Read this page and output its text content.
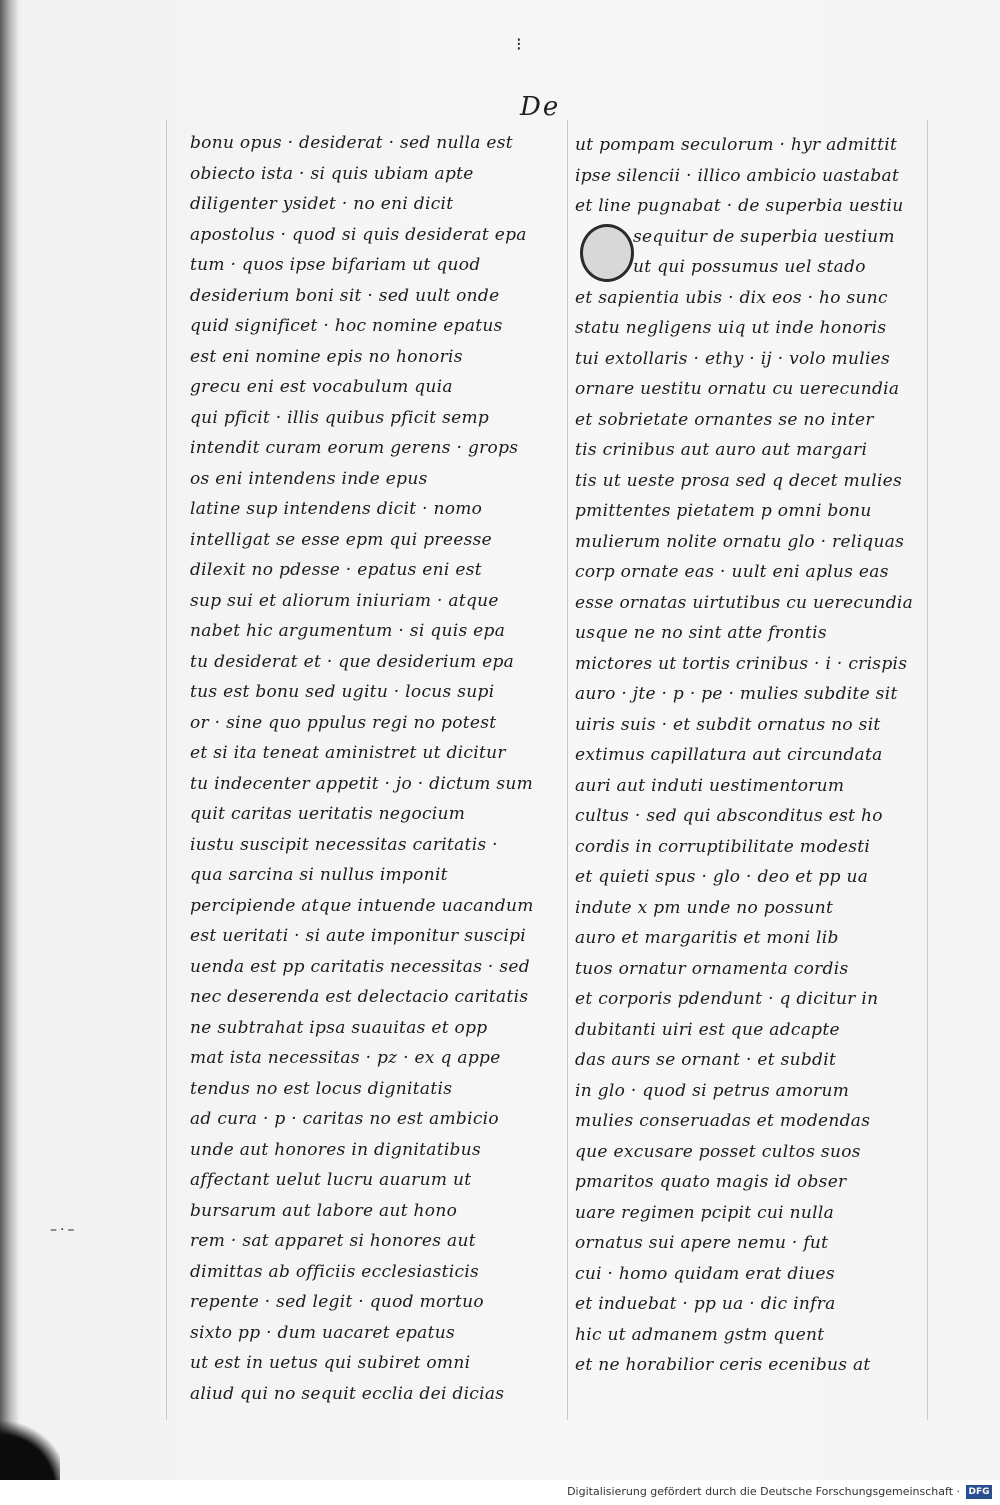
⁝
De
bonu opus · desiderat · sed nulla est
obiecto ista · si quis ubiam apte
diligenter ysidet · no eni dicit
apostolus · quod si quis desiderat epa
tum · quos ipse bifariam ut quod
desiderium boni sit · sed uult onde
quid significet · hoc nomine epatus
est eni nomine epis no honoris
grecu eni est vocabulum quia
qui pficit · illis quibus pficit semp
intendit curam eorum gerens · grops
os eni intendens inde epus
latine sup intendens dicit · nomo
intelligat se esse epm qui preesse
dilexit no pdesse · epatus eni est
sup sui et aliorum iniuriam · atque
nabet hic argumentum · si quis epa
tu desiderat et · que desiderium epa
tus est bonu sed ugitu · locus supi
or · sine quo ppulus regi no potest
et si ita teneat aministret ut dicitur
tu indecenter appetit · jo · dictum sum
quit caritas ueritatis negocium
iustu suscipit necessitas caritatis ·
qua sarcina si nullus imponit
percipiende atque intuende uacandum
est ueritati · si aute imponitur suscipi
uenda est pp caritatis necessitas · sed
nec deserenda est delectacio caritatis
ne subtrahat ipsa suauitas et opp
mat ista necessitas · pz · ex q appe
tendus no est locus dignitatis
ad cura · p · caritas no est ambicio
unde aut honores in dignitatibus
affectant uelut lucru auarum ut
bursarum aut labore aut hono
rem · sat apparet si honores aut
dimittas ab officiis ecclesiasticis
repente · sed legit · quod mortuo
sixto pp · dum uacaret epatus
ut est in uetus qui subiret omni
aliud qui no sequit ecclia dei dicias
ut pompam seculorum · hyr admittit
ipse silencii · illico ambicio uastabat
et line pugnabat · de superbia uestiu
sequitur de superbia uestium
ut qui possumus uel stado
et sapientia ubis · dix eos · ho sunc
statu negligens uiq ut inde honoris
tui extollaris · ethy · ij · volo mulies
ornare uestitu ornatu cu uerecundia
et sobrietate ornantes se no inter
tis crinibus aut auro aut margari
tis ut ueste prosa sed q decet mulies
pmittentes pietatem p omni bonu
mulierum nolite ornatu glo · reliquas
corp ornate eas · uult eni aplus eas
esse ornatas uirtutibus cu uerecundia
usque ne no sint atte frontis
mictores ut tortis crinibus · i · crispis
auro · jte · p · pe · mulies subdite sit
uiris suis · et subdit ornatus no sit
extimus capillatura aut circundata
auri aut induti uestimentorum
cultus · sed qui absconditus est ho
cordis in corruptibilitate modesti
et quieti spus · glo · deo et pp ua
indute x pm unde no possunt
auro et margaritis et moni lib
tuos ornatur ornamenta cordis
et corporis pdendunt · q dicitur in
dubitanti uiri est que adcapte
das aurs se ornant · et subdit
in glo · quod si petrus amorum
mulies conseruadas et modendas
que excusare posset cultos suos
pmaritos quato magis id obser
uare regimen pcipit cui nulla
ornatus sui apere nemu · fut
cui · homo quidam erat diues
et induebat · pp ua · dic infra
hic ut admanem gstm quent
et ne horabilior ceris ecenibus at
–·–
Digitalisierung gefördert durch die Deutsche Forschungsgemeinschaft · DFG
